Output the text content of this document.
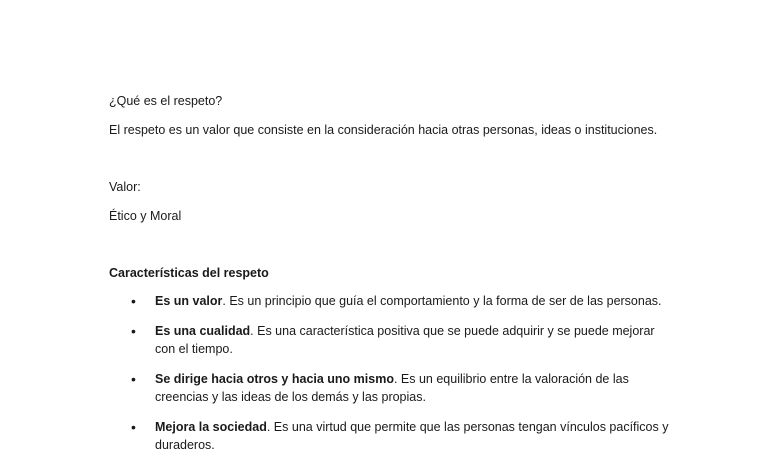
¿Qué es el respeto?

El respeto es un valor que consiste en la consideración hacia otras personas, ideas o instituciones.

Valor:

Ético y Moral

Características del respeto

• Es un valor. Es un principio que guía el comportamiento y la forma de ser de las personas.
• Es una cualidad. Es una característica positiva que se puede adquirir y se puede mejorar con el tiempo.
• Se dirige hacia otros y hacia uno mismo. Es un equilibrio entre la valoración de las creencias y las ideas de los demás y las propias.
• Mejora la sociedad. Es una virtud que permite que las personas tengan vínculos pacíficos y duraderos.
